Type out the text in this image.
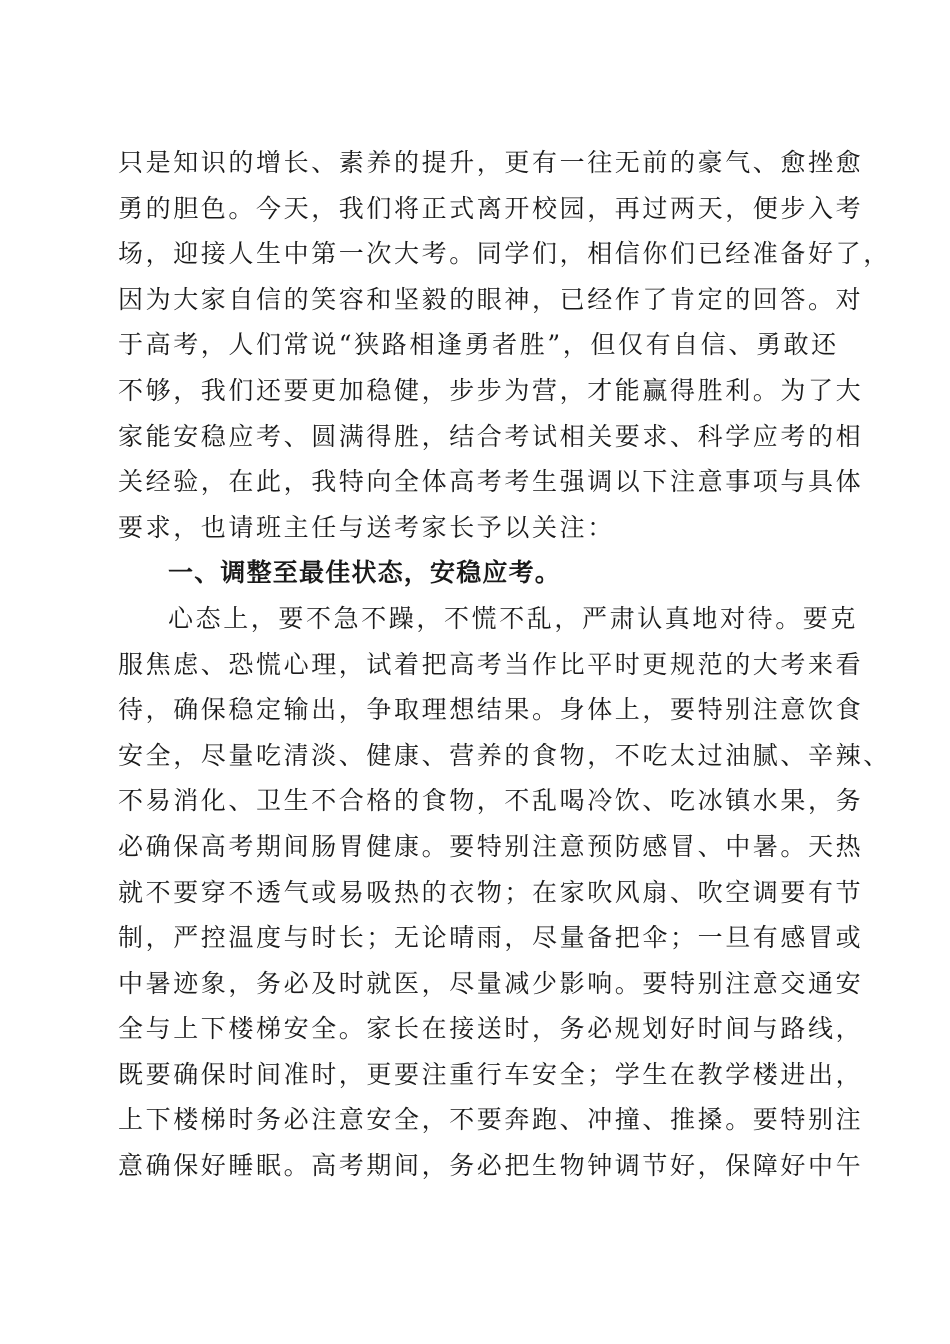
只是知识的增长、素养的提升，更有一往无前的豪气、愈挫愈
勇的胆色。今天，我们将正式离开校园，再过两天，便步入考
场，迎接人生中第一次大考。同学们，相信你们已经准备好了，
因为大家自信的笑容和坚毅的眼神，已经作了肯定的回答。对
于高考，人们常说“狭路相逢勇者胜”，但仅有自信、勇敢还
不够，我们还要更加稳健，步步为营，才能赢得胜利。为了大
家能安稳应考、圆满得胜，结合考试相关要求、科学应考的相
关经验，在此，我特向全体高考考生强调以下注意事项与具体
要求，也请班主任与送考家长予以关注：
一、调整至最佳状态，安稳应考。
心态上，要不急不躁，不慌不乱，严肃认真地对待。要克
服焦虑、恐慌心理，试着把高考当作比平时更规范的大考来看
待，确保稳定输出，争取理想结果。身体上，要特别注意饮食
安全，尽量吃清淡、健康、营养的食物，不吃太过油腻、辛辣、
不易消化、卫生不合格的食物，不乱喝冷饮、吃冰镇水果，务
必确保高考期间肠胃健康。要特别注意预防感冒、中暑。天热
就不要穿不透气或易吸热的衣物；在家吹风扇、吹空调要有节
制，严控温度与时长；无论晴雨，尽量备把伞；一旦有感冒或
中暑迹象，务必及时就医，尽量减少影响。要特别注意交通安
全与上下楼梯安全。家长在接送时，务必规划好时间与路线，
既要确保时间准时，更要注重行车安全；学生在教学楼进出，
上下楼梯时务必注意安全，不要奔跑、冲撞、推搡。要特别注
意确保好睡眠。高考期间，务必把生物钟调节好，保障好中午
